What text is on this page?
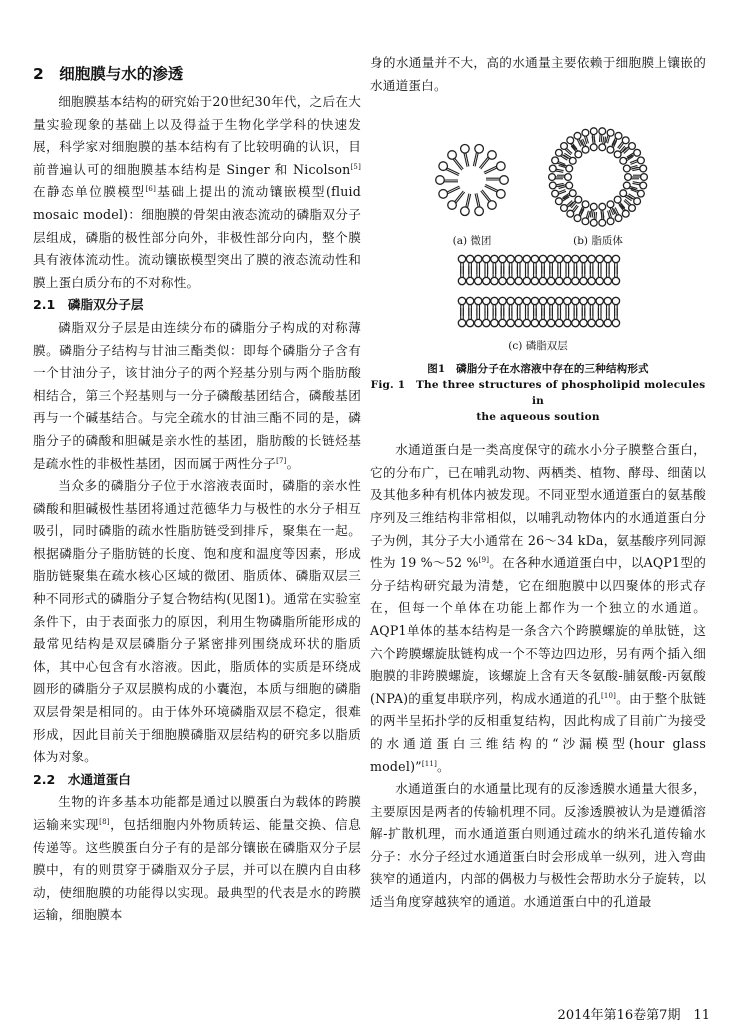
2　细胞膜与水的渗透

细胞膜基本结构的研究始于20世纪30年代，之后在大量实验现象的基础上以及得益于生物化学学科的快速发展，科学家对细胞膜的基本结构有了比较明确的认识，目前普遍认可的细胞膜基本结构是 Singer 和 Nicolson[5] 在静态单位膜模型[6]基础上提出的流动镶嵌模型(fluid mosaic model)：细胞膜的骨架由液态流动的磷脂双分子层组成，磷脂的极性部分向外，非极性部分向内，整个膜具有液体流动性。流动镶嵌模型突出了膜的液态流动性和膜上蛋白质分布的不对称性。

2.1　磷脂双分子层

磷脂双分子层是由连续分布的磷脂分子构成的对称薄膜。磷脂分子结构与甘油三酯类似：即每个磷脂分子含有一个甘油分子，该甘油分子的两个羟基分别与两个脂肪酸相结合，第三个羟基则与一分子磷酸基团结合，磷酸基团再与一个碱基结合。与完全疏水的甘油三酯不同的是，磷脂分子的磷酸和胆碱是亲水性的基团，脂肪酸的长链烃基是疏水性的非极性基团，因而属于两性分子[7]。

当众多的磷脂分子位于水溶液表面时，磷脂的亲水性磷酸和胆碱极性基团将通过范德华力与极性的水分子相互吸引，同时磷脂的疏水性脂肪链受到排斥，聚集在一起。根据磷脂分子脂肪链的长度、饱和度和温度等因素，形成脂肪链聚集在疏水核心区域的微团、脂质体、磷脂双层三种不同形式的磷脂分子复合物结构(见图1)。通常在实验室条件下，由于表面张力的原因，利用生物磷脂所能形成的最常见结构是双层磷脂分子紧密排列围绕成环状的脂质体，其中心包含有水溶液。因此，脂质体的实质是环绕成圆形的磷脂分子双层膜构成的小囊泡，本质与细胞的磷脂双层骨架是相同的。由于体外环境磷脂双层不稳定，很难形成，因此目前关于细胞膜磷脂双层结构的研究多以脂质体为对象。

2.2　水通道蛋白

生物的许多基本功能都是通过以膜蛋白为载体的跨膜运输来实现[8]，包括细胞内外物质转运、能量交换、信息传递等。这些膜蛋白分子有的是部分镶嵌在磷脂双分子层膜中，有的则贯穿于磷脂双分子层，并可以在膜内自由移动，使细胞膜的功能得以实现。最典型的代表是水的跨膜运输，细胞膜本

身的水通量并不大，高的水通量主要依赖于细胞膜上镶嵌的水通道蛋白。

(a) 微团	(b) 脂质体
(c) 磷脂双层

图1　磷脂分子在水溶液中存在的三种结构形式

Fig. 1　The three structures of phospholipid molecules in

the aqueous soution

水通道蛋白是一类高度保守的疏水小分子膜整合蛋白，它的分布广，已在哺乳动物、两栖类、植物、酵母、细菌以及其他多种有机体内被发现。不同亚型水通道蛋白的氨基酸序列及三维结构非常相似，以哺乳动物体内的水通道蛋白分子为例，其分子大小通常在 26～34 kDa，氨基酸序列同源性为 19 %～52 %[9]。在各种水通道蛋白中，以AQP1型的分子结构研究最为清楚，它在细胞膜中以四聚体的形式存在，但每一个单体在功能上都作为一个独立的水通道。AQP1单体的基本结构是一条含六个跨膜螺旋的单肽链，这六个跨膜螺旋肽链构成一个不等边四边形，另有两个插入细胞膜的非跨膜螺旋，该螺旋上含有天冬氨酸-脯氨酸-丙氨酸(NPA)的重复串联序列，构成水通道的孔[10]。由于整个肽链的两半呈拓扑学的反相重复结构，因此构成了目前广为接受的水通道蛋白三维结构的“沙漏模型(hour glass model)”[11]。

水通道蛋白的水通量比现有的反渗透膜水通量大很多，主要原因是两者的传输机理不同。反渗透膜被认为是遵循溶解-扩散机理，而水通道蛋白则通过疏水的纳米孔道传输水分子：水分子经过水通道蛋白时会形成单一纵列，进入弯曲狭窄的通道内，内部的偶极力与极性会帮助水分子旋转，以适当角度穿越狭窄的通道。水通道蛋白中的孔道最

2014年第16卷第7期　11
